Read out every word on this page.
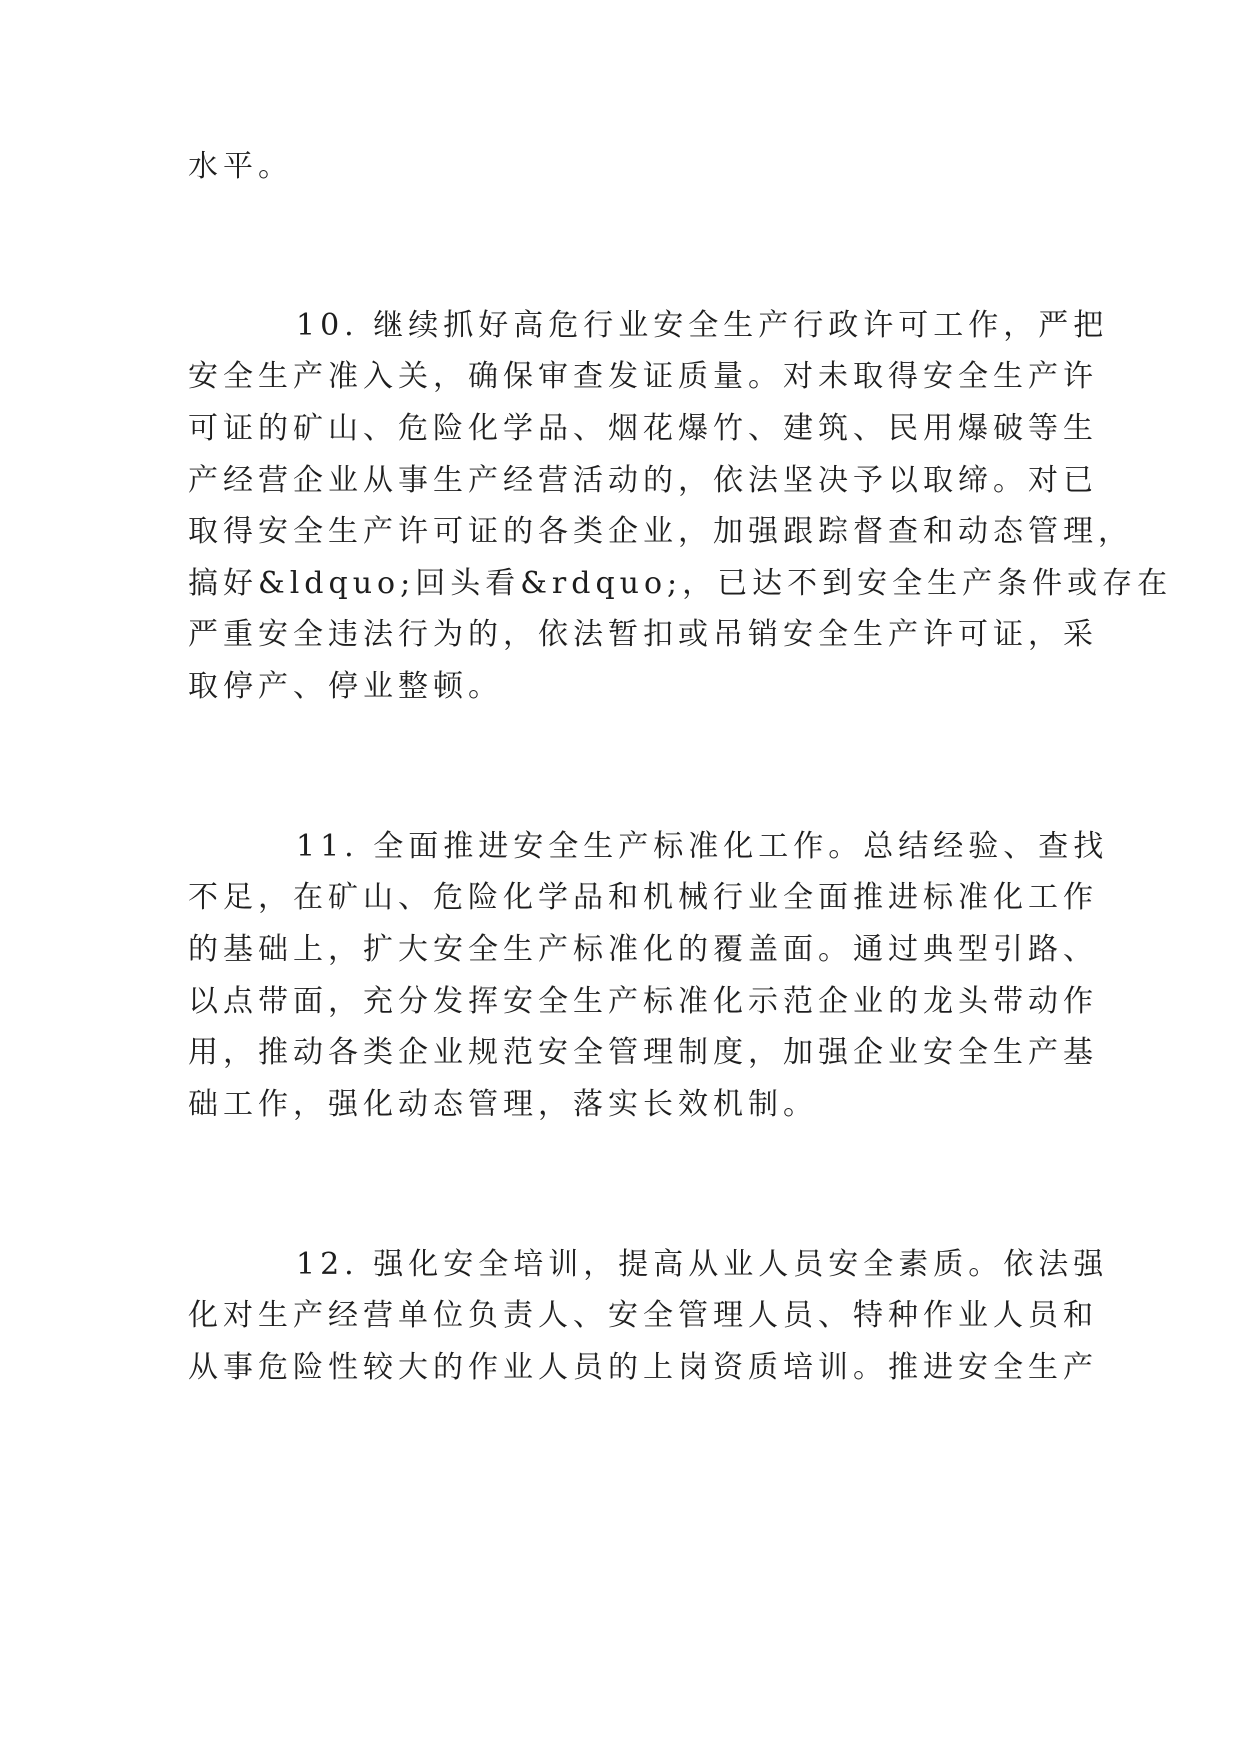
水平。

10. 继续抓好高危行业安全生产行政许可工作，严把

安全生产准入关，确保审查发证质量。对未取得安全生产许

可证的矿山、危险化学品、烟花爆竹、建筑、民用爆破等生

产经营企业从事生产经营活动的，依法坚决予以取缔。对已

取得安全生产许可证的各类企业，加强跟踪督查和动态管理，

搞好&ldquo;回头看&rdquo;，已达不到安全生产条件或存在

严重安全违法行为的，依法暂扣或吊销安全生产许可证，采

取停产、停业整顿。

11. 全面推进安全生产标准化工作。总结经验、查找

不足，在矿山、危险化学品和机械行业全面推进标准化工作

的基础上，扩大安全生产标准化的覆盖面。通过典型引路、

以点带面，充分发挥安全生产标准化示范企业的龙头带动作

用，推动各类企业规范安全管理制度，加强企业安全生产基

础工作，强化动态管理，落实长效机制。

12. 强化安全培训，提高从业人员安全素质。依法强

化对生产经营单位负责人、安全管理人员、特种作业人员和

从事危险性较大的作业人员的上岗资质培训。推进安全生产
